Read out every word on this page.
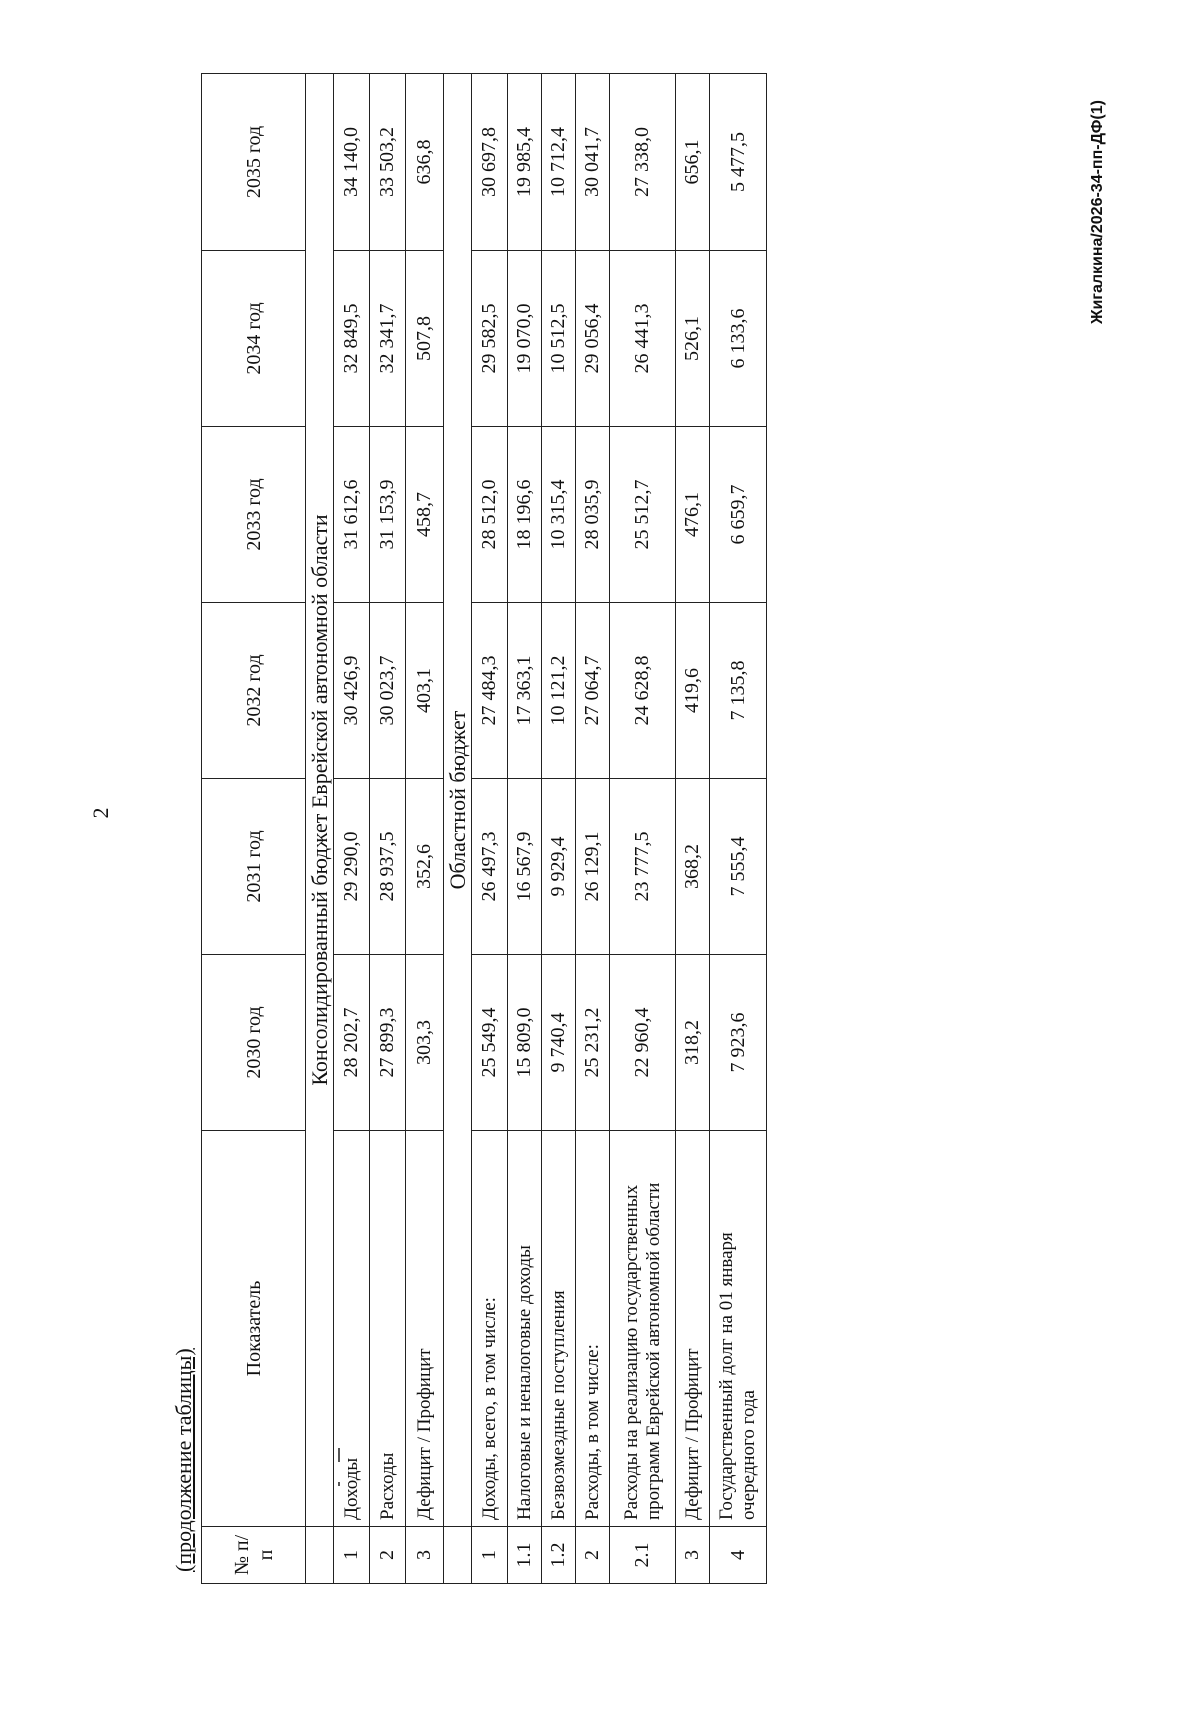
2
Жигалкина/2026-34-пп-ДФ(1)
(продолжение таблицы) № п/п	Показатель	2030 год	2031 год	2032 год	2033 год	2034 год	2035 год
	Консолидированный бюджет Еврейской автономной области						
1	Доходы	28 202,7	29 290,0	30 426,9	31 612,6	32 849,5	34 140,0
2	Расходы	27 899,3	28 937,5	30 023,7	31 153,9	32 341,7	33 503,2
3	Дефицит / Профицит	303,3	352,6	403,1	458,7	507,8	636,8
	Областной бюджет						
1	Доходы, всего, в том числе:	25 549,4	26 497,3	27 484,3	28 512,0	29 582,5	30 697,8
1.1	Налоговые и неналоговые доходы	15 809,0	16 567,9	17 363,1	18 196,6	19 070,0	19 985,4
1.2	Безвозмездные поступления	9 740,4	9 929,4	10 121,2	10 315,4	10 512,5	10 712,4
2	Расходы, в том числе:	25 231,2	26 129,1	27 064,7	28 035,9	29 056,4	30 041,7
2.1	Расходы на реализацию государственных программ Еврейской автономной области	22 960,4	23 777,5	24 628,8	25 512,7	26 441,3	27 338,0
3	Дефицит / Профицит	318,2	368,2	419,6	476,1	526,1	656,1
4	Государственный долг на 01 января очередного года	7 923,6	7 555,4	7 135,8	6 659,7	6 133,6	5 477,5
